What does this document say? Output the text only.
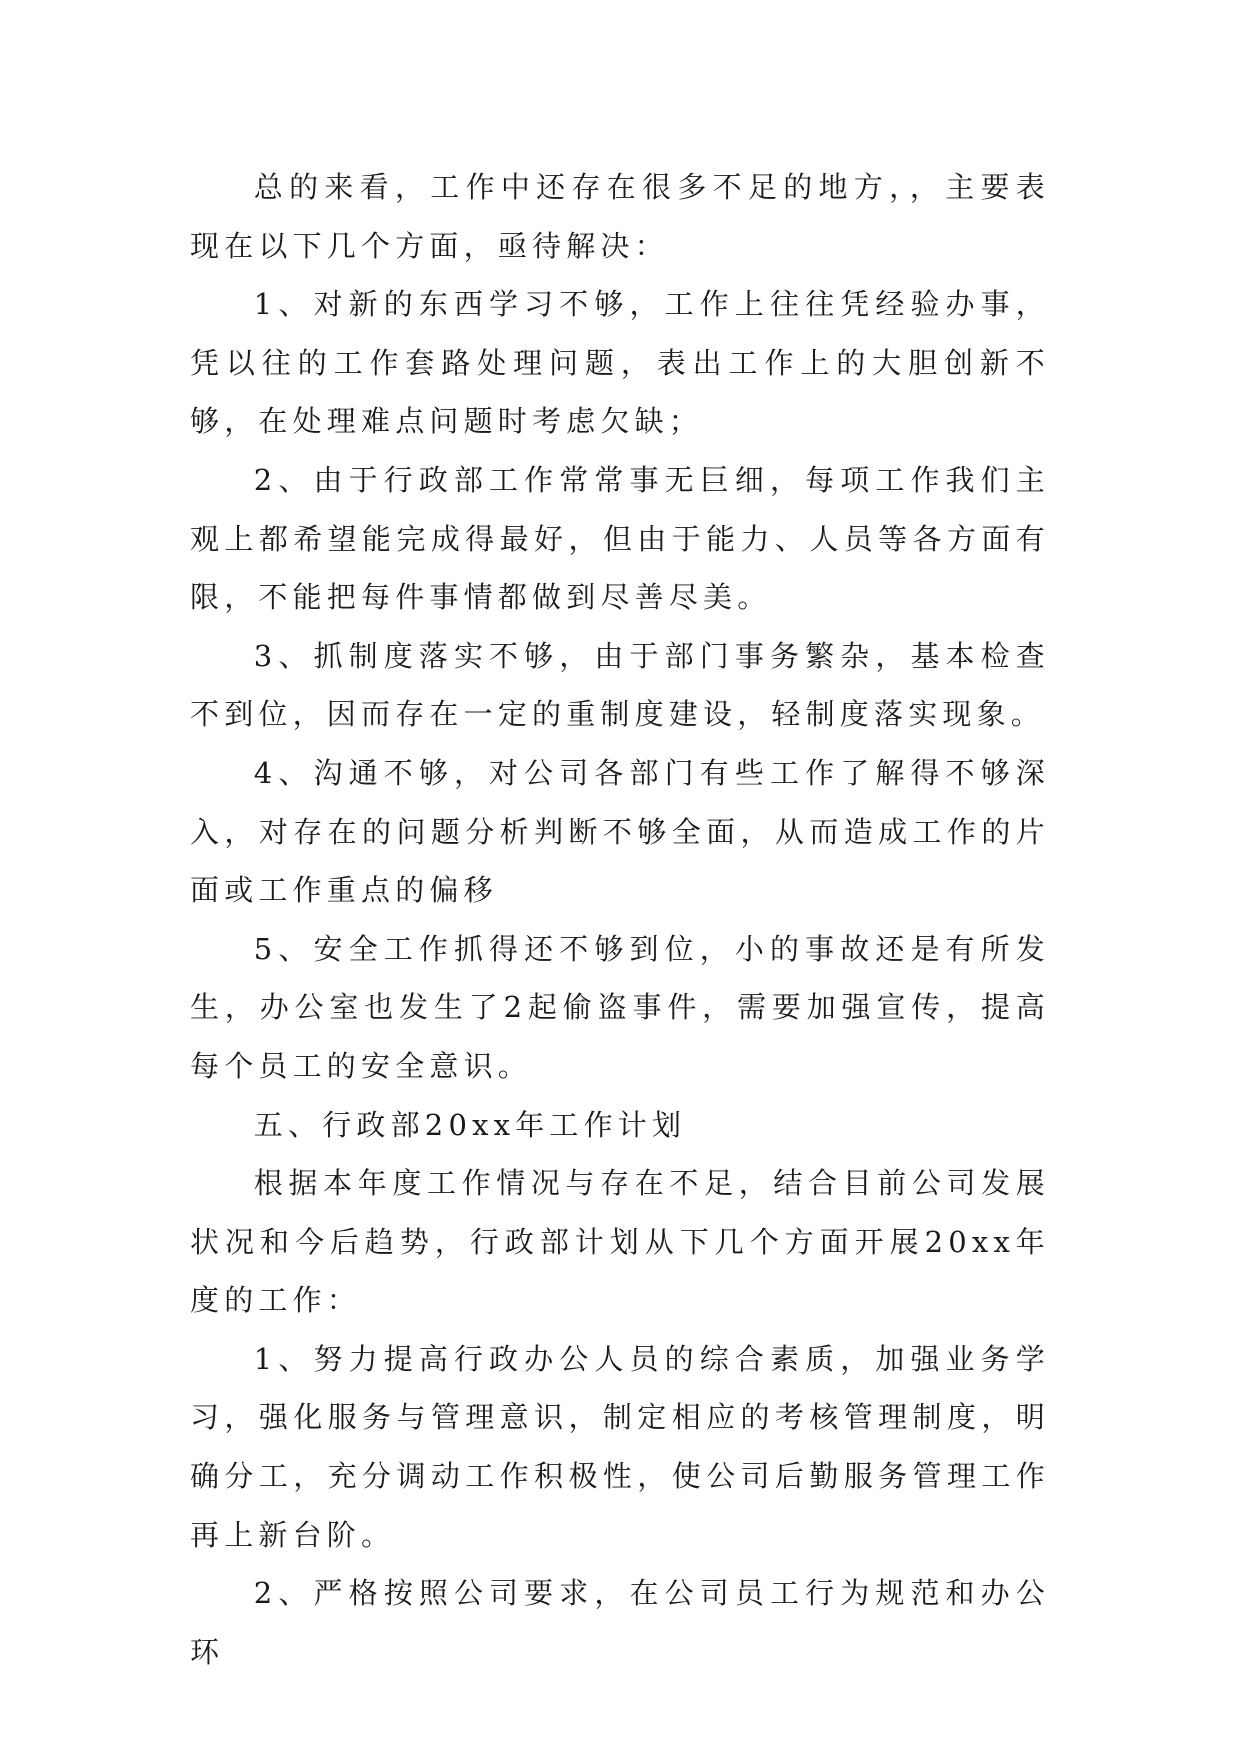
总的来看，工作中还存在很多不足的地方，，主要表现在以下几个方面，亟待解决：

1、对新的东西学习不够，工作上往往凭经验办事，凭以往的工作套路处理问题，表出工作上的大胆创新不够，在处理难点问题时考虑欠缺；

2、由于行政部工作常常事无巨细，每项工作我们主观上都希望能完成得最好，但由于能力、人员等各方面有限，不能把每件事情都做到尽善尽美。

3、抓制度落实不够，由于部门事务繁杂，基本检查不到位，因而存在一定的重制度建设，轻制度落实现象。

4、沟通不够，对公司各部门有些工作了解得不够深入，对存在的问题分析判断不够全面，从而造成工作的片面或工作重点的偏移

5、安全工作抓得还不够到位，小的事故还是有所发生，办公室也发生了2起偷盗事件，需要加强宣传，提高每个员工的安全意识。

五、行政部20xx年工作计划

根据本年度工作情况与存在不足，结合目前公司发展状况和今后趋势，行政部计划从下几个方面开展20xx年度的工作：

1、努力提高行政办公人员的综合素质，加强业务学习，强化服务与管理意识，制定相应的考核管理制度，明确分工，充分调动工作积极性，使公司后勤服务管理工作再上新台阶。

2、严格按照公司要求，在公司员工行为规范和办公环
